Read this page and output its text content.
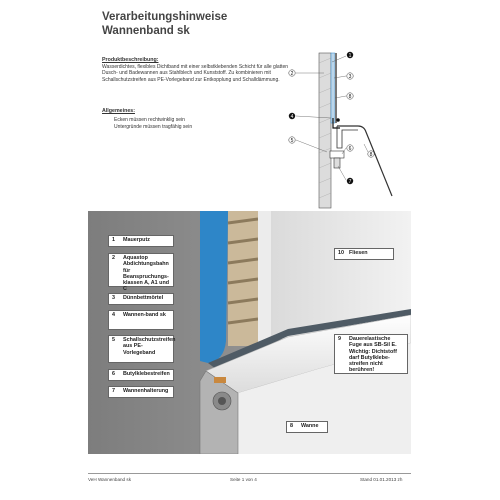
Verarbeitungshinweise
Wannenband sk
Produktbeschreibung:
Wasserdichtes, flexibles Dichtband mit einer selbstklebenden Schicht für alle glatten Dusch- und Badewannen aus Stahlblech und Kunststoff. Zu kombinieren mit Schallschutzstreifen aus PE-Vorlegeband zur Entkopplung und Schalldämmung.
Allgemeines:
Ecken müssen rechtwinklig sein
Untergründe müssen tragfähig sein
1
2	3
8
4
5
6
8
7
1 Mauerputz
2 Aquastop Abdichtungsbahn für Beanspruchungs-klassen A, A1 und C
3 Dünnbettmörtel
4 Wannen-band sk
5 Schallschutzstreifen aus PE-Vorlegeband
6 Butylklebestreifen
7 Wannenhalterung
8 Wanne
9 Dauerelastische Fuge aus SB-Sil E. Wichtig: Dichtstoff darf Butylklebe-streifen nicht berühren!
10 Fliesen
VeH Wannenband sk	Seite 1 von 4	Stand 01.01.2013 zh
